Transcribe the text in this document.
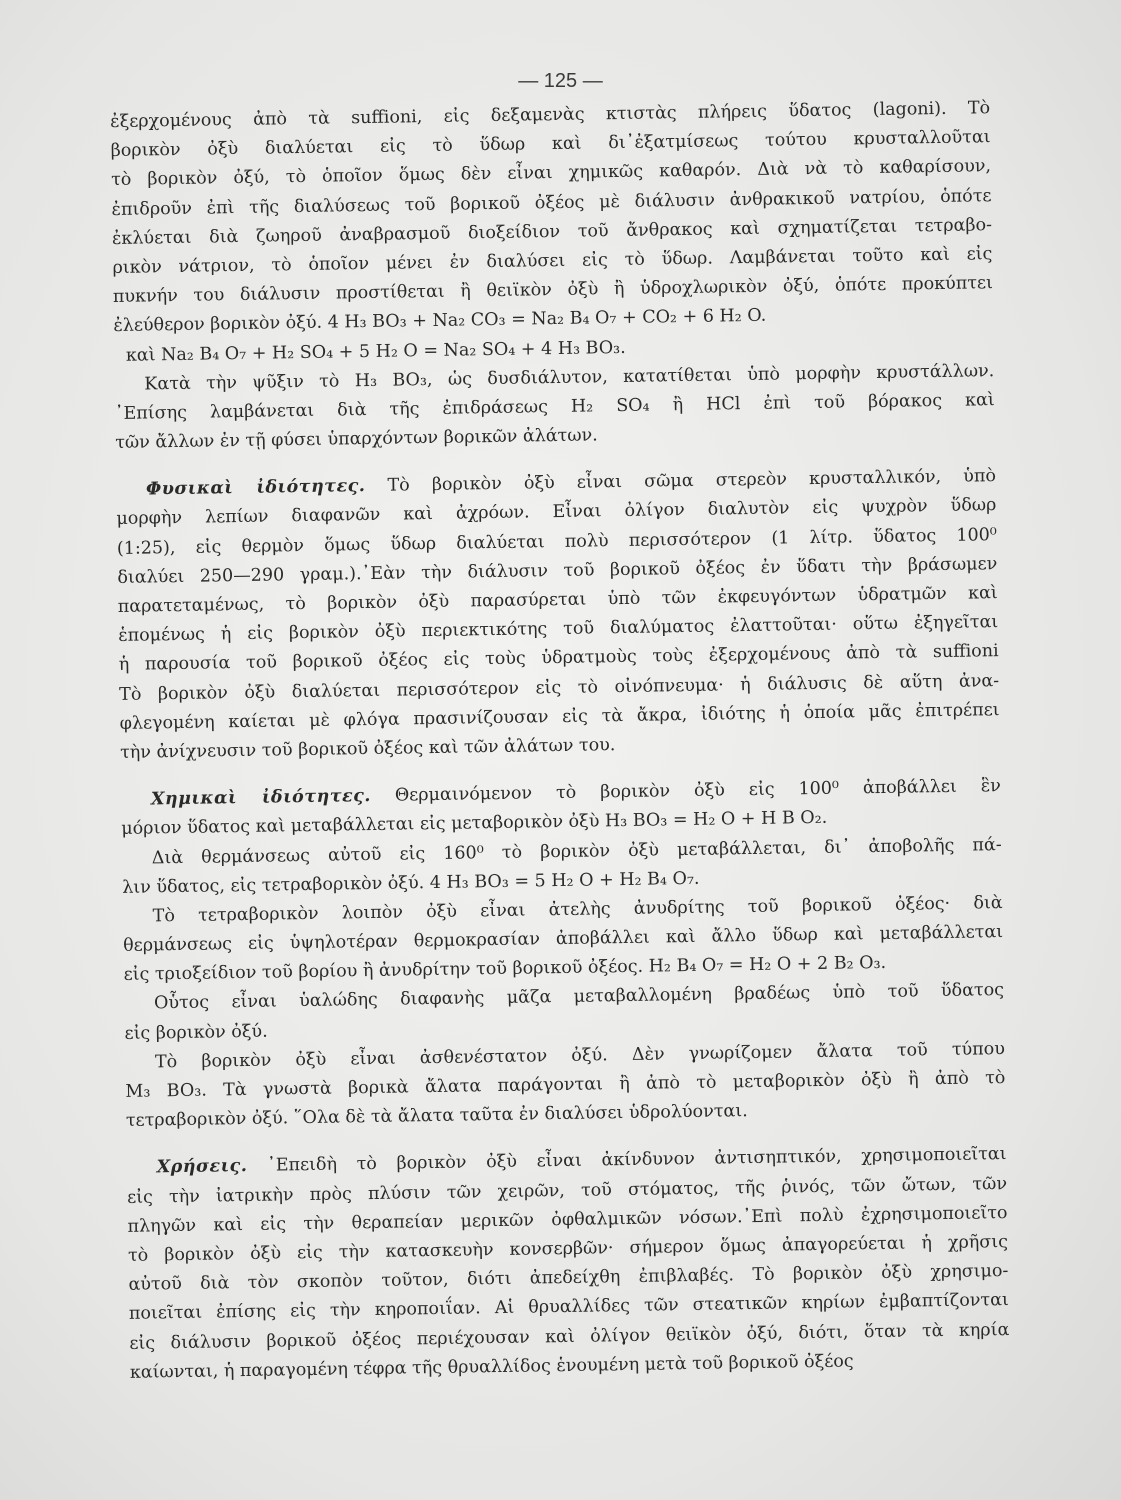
— 125 —
ἐξερχομένους ἀπὸ τὰ suffioni, εἰς δεξαμενὰς κτιστὰς πλήρεις ὕδατος (lagoni). Τὸ
βορικὸν ὀξὺ διαλύεται εἰς τὸ ὕδωρ καὶ δι᾽ἐξατμίσεως τούτου κρυσταλλοῦται
τὸ βορικὸν ὀξύ, τὸ ὁποῖον ὅμως δὲν εἶναι χημικῶς καθαρόν. Διὰ νὰ τὸ καθαρίσουν,
ἐπιδροῦν ἐπὶ τῆς διαλύσεως τοῦ βορικοῦ ὀξέος μὲ διάλυσιν ἀνθρακικοῦ νατρίου, ὁπότε
ἐκλύεται διὰ ζωηροῦ ἀναβρασμοῦ διοξείδιον τοῦ ἄνθρακος καὶ σχηματίζεται τετραβο-
ρικὸν νάτριον, τὸ ὁποῖον μένει ἐν διαλύσει εἰς τὸ ὕδωρ. Λαμβάνεται τοῦτο καὶ εἰς
πυκνήν του διάλυσιν προστίθεται ἢ θειϊκὸν ὀξὺ ἢ ὑδροχλωρικὸν ὀξύ, ὁπότε προκύπτει
ἐλεύθερον βορικὸν ὀξύ. 4 H₃ BO₃ + Na₂ CO₃ = Na₂ B₄ O₇ + CO₂ + 6 H₂ O.
καὶ Na₂ B₄ O₇ + H₂ SO₄ + 5 H₂ O = Na₂ SO₄ + 4 H₃ BO₃.
Κατὰ τὴν ψῦξιν τὸ H₃ BO₃, ὡς δυσδιάλυτον, κατατίθεται ὑπὸ μορφὴν κρυστάλλων.
᾿Επίσης λαμβάνεται διὰ τῆς ἐπιδράσεως H₂ SO₄ ἢ HCl ἐπὶ τοῦ βόρακος καὶ
τῶν ἄλλων ἐν τῇ φύσει ὑπαρχόντων βορικῶν ἀλάτων.
Φυσικαὶ ἰδιότητες. Τὸ βορικὸν ὀξὺ εἶναι σῶμα στερεὸν κρυσταλλικόν, ὑπὸ
μορφὴν λεπίων διαφανῶν καὶ ἀχρόων. Εἶναι ὀλίγον διαλυτὸν εἰς ψυχρὸν ὕδωρ
(1:25), εἰς θερμὸν ὅμως ὕδωρ διαλύεται πολὺ περισσότερον (1 λίτρ. ὕδατος 100⁰
διαλύει 250—290 γραμ.).᾿Εὰν τὴν διάλυσιν τοῦ βορικοῦ ὀξέος ἐν ὕδατι τὴν βράσωμεν
παρατεταμένως, τὸ βορικὸν ὀξὺ παρασύρεται ὑπὸ τῶν ἐκφευγόντων ὑδρατμῶν καὶ
ἑπομένως ἡ εἰς βορικὸν ὀξὺ περιεκτικότης τοῦ διαλύματος ἐλαττοῦται· οὕτω ἐξηγεῖται
ἡ παρουσία τοῦ βορικοῦ ὀξέος εἰς τοὺς ὑδρατμοὺς τοὺς ἐξερχομένους ἀπὸ τὰ suffioni
Τὸ βορικὸν ὀξὺ διαλύεται περισσότερον εἰς τὸ οἰνόπνευμα· ἡ διάλυσις δὲ αὕτη ἀνα-
φλεγομένη καίεται μὲ φλόγα πρασινίζουσαν εἰς τὰ ἄκρα, ἰδιότης ἡ ὁποία μᾶς ἐπιτρέπει
τὴν ἀνίχνευσιν τοῦ βορικοῦ ὀξέος καὶ τῶν ἀλάτων του.
Χημικαὶ ἰδιότητες. Θερμαινόμενον τὸ βορικὸν ὀξὺ εἰς 100⁰ ἀποβάλλει ἓν
μόριον ὕδατος καὶ μεταβάλλεται εἰς μεταβορικὸν ὀξὺ H₃ BO₃ = H₂ O + H B O₂.
Διὰ θερμάνσεως αὐτοῦ εἰς 160⁰ τὸ βορικὸν ὀξὺ μεταβάλλεται, δι᾽ ἀποβολῆς πά-
λιν ὕδατος, εἰς τετραβορικὸν ὀξύ. 4 H₃ BO₃ = 5 H₂ O + H₂ B₄ O₇.
Τὸ τετραβορικὸν λοιπὸν ὀξὺ εἶναι ἀτελὴς ἀνυδρίτης τοῦ βορικοῦ ὀξέος· διὰ
θερμάνσεως εἰς ὑψηλοτέραν θερμοκρασίαν ἀποβάλλει καὶ ἄλλο ὕδωρ καὶ μεταβάλλεται
εἰς τριοξείδιον τοῦ βορίου ἢ ἀνυδρίτην τοῦ βορικοῦ ὀξέος. H₂ B₄ O₇ = H₂ O + 2 B₂ O₃.
Οὗτος εἶναι ὑαλώδης διαφανὴς μᾶζα μεταβαλλομένη βραδέως ὑπὸ τοῦ ὕδατος
εἰς βορικὸν ὀξύ.
Τὸ βορικὸν ὀξὺ εἶναι ἀσθενέστατον ὀξύ. Δὲν γνωρίζομεν ἄλατα τοῦ τύπου
M₃ BO₃. Τὰ γνωστὰ βορικὰ ἄλατα παράγονται ἢ ἀπὸ τὸ μεταβορικὸν ὀξὺ ἢ ἀπὸ τὸ
τετραβορικὸν ὀξύ. ῞Ολα δὲ τὰ ἄλατα ταῦτα ἐν διαλύσει ὑδρολύονται.
Χρήσεις. ᾿Επειδὴ τὸ βορικὸν ὀξὺ εἶναι ἀκίνδυνον ἀντισηπτικόν, χρησιμοποιεῖται
εἰς τὴν ἰατρικὴν πρὸς πλύσιν τῶν χειρῶν, τοῦ στόματος, τῆς ῥινός, τῶν ὤτων, τῶν
πληγῶν καὶ εἰς τὴν θεραπείαν μερικῶν ὀφθαλμικῶν νόσων.᾿Επὶ πολὺ ἐχρησιμοποιεῖτο
τὸ βορικὸν ὀξὺ εἰς τὴν κατασκευὴν κονσερβῶν· σήμερον ὅμως ἀπαγορεύεται ἡ χρῆσις
αὐτοῦ διὰ τὸν σκοπὸν τοῦτον, διότι ἀπεδείχθη ἐπιβλαβές. Τὸ βορικὸν ὀξὺ χρησιμο-
ποιεῖται ἐπίσης εἰς τὴν κηροποιΐαν. Αἱ θρυαλλίδες τῶν στεατικῶν κηρίων ἐμβαπτίζονται
εἰς διάλυσιν βορικοῦ ὀξέος περιέχουσαν καὶ ὀλίγον θειϊκὸν ὀξύ, διότι, ὅταν τὰ κηρία
καίωνται, ἡ παραγομένη τέφρα τῆς θρυαλλίδος ἑνουμένη μετὰ τοῦ βορικοῦ ὀξέος
